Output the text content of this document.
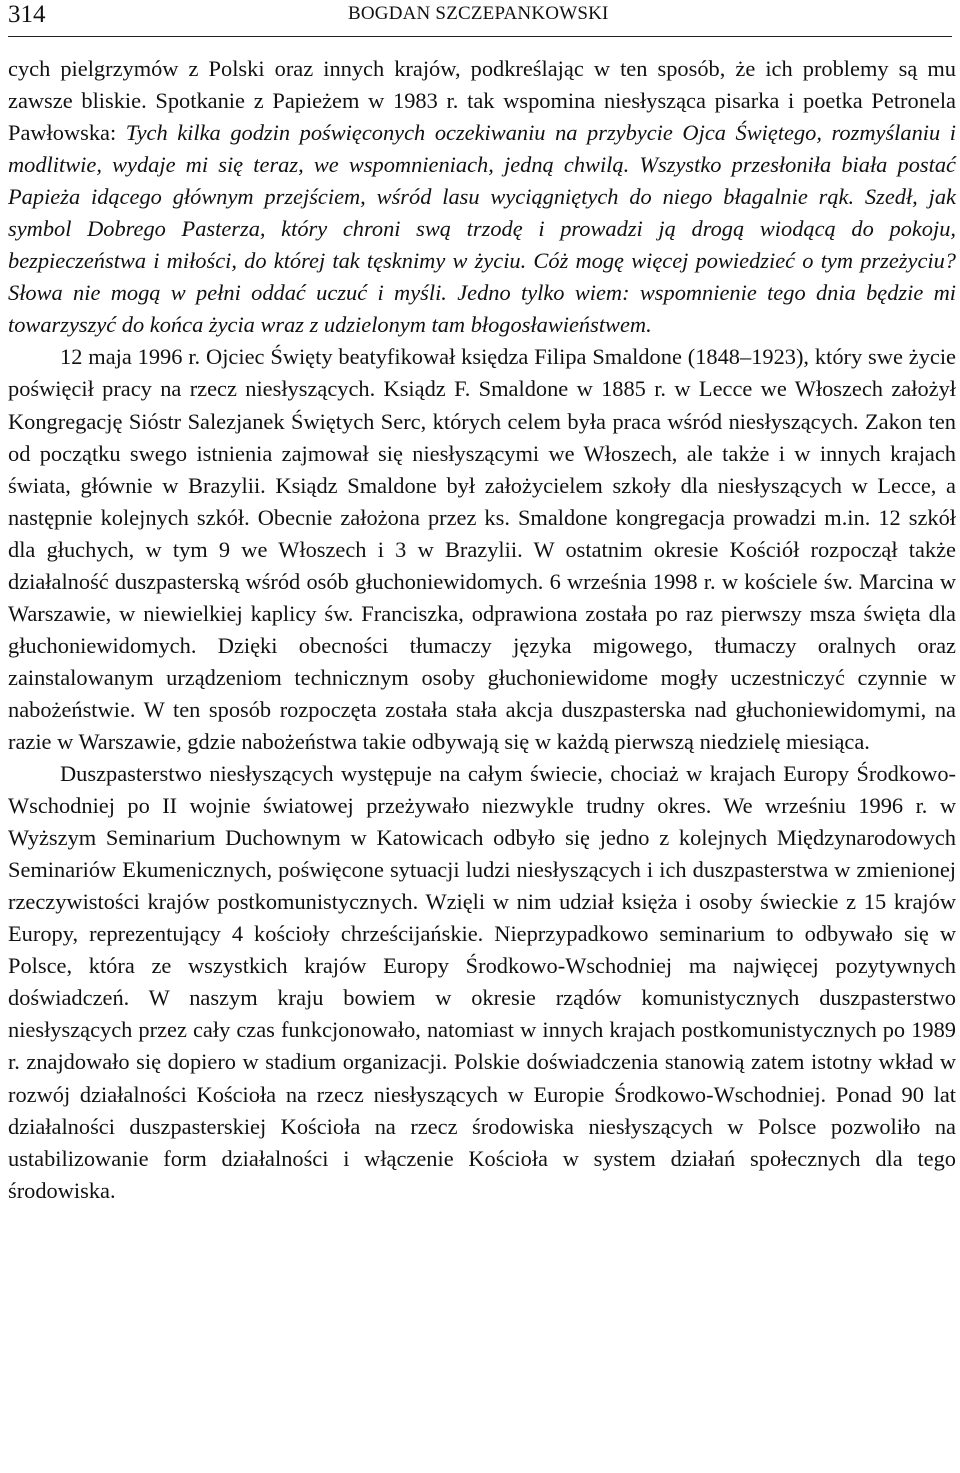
314	BOGDAN SZCZEPANKOWSKI

cych pielgrzymów z Polski oraz innych krajów, podkreślając w ten sposób, że ich problemy są mu zawsze bliskie. Spotkanie z Papieżem w 1983 r. tak wspomina niesłysząca pisarka i poetka Petronela Pawłowska: Tych kilka godzin poświęconych oczekiwaniu na przybycie Ojca Świętego, rozmyślaniu i modlitwie, wydaje mi się teraz, we wspomnieniach, jedną chwilą. Wszystko przesłoniła biała postać Papieża idącego głównym przejściem, wśród lasu wyciągniętych do niego błagalnie rąk. Szedł, jak symbol Dobrego Pasterza, który chroni swą trzodę i prowadzi ją drogą wiodącą do pokoju, bezpieczeństwa i miłości, do której tak tęsknimy w życiu. Cóż mogę więcej powiedzieć o tym przeżyciu? Słowa nie mogą w pełni oddać uczuć i myśli. Jedno tylko wiem: wspomnienie tego dnia będzie mi towarzyszyć do końca życia wraz z udzielonym tam błogosławieństwem.

12 maja 1996 r. Ojciec Święty beatyfikował księdza Filipa Smaldone (1848–1923), który swe życie poświęcił pracy na rzecz niesłyszących. Ksiądz F. Smaldone w 1885 r. w Lecce we Włoszech założył Kongregację Sióstr Salezjanek Świętych Serc, których celem była praca wśród niesłyszących. Zakon ten od początku swego istnienia zajmował się niesłyszącymi we Włoszech, ale także i w innych krajach świata, głównie w Brazylii. Ksiądz Smaldone był założycielem szkoły dla niesłyszących w Lecce, a następnie kolejnych szkół. Obecnie założona przez ks. Smaldone kongregacja prowadzi m.in. 12 szkół dla głuchych, w tym 9 we Włoszech i 3 w Brazylii. W ostatnim okresie Kościół rozpoczął także działalność duszpasterską wśród osób głuchoniewidomych. 6 września 1998 r. w kościele św. Marcina w Warszawie, w niewielkiej kaplicy św. Franciszka, odprawiona została po raz pierwszy msza święta dla głuchoniewidomych. Dzięki obecności tłumaczy języka migowego, tłumaczy oralnych oraz zainstalowanym urządzeniom technicznym osoby głuchoniewidome mogły uczestniczyć czynnie w nabożeństwie. W ten sposób rozpoczęta została stała akcja duszpasterska nad głuchoniewidomymi, na razie w Warszawie, gdzie nabożeństwa takie odbywają się w każdą pierwszą niedzielę miesiąca.

Duszpasterstwo niesłyszących występuje na całym świecie, chociaż w krajach Europy Środkowo-Wschodniej po II wojnie światowej przeżywało niezwykle trudny okres. We wrześniu 1996 r. w Wyższym Seminarium Duchownym w Katowicach odbyło się jedno z kolejnych Międzynarodowych Seminariów Ekumenicznych, poświęcone sytuacji ludzi niesłyszących i ich duszpasterstwa w zmienionej rzeczywistości krajów postkomunistycznych. Wzięli w nim udział księża i osoby świeckie z 15 krajów Europy, reprezentujący 4 kościoły chrześcijańskie. Nieprzypadkowo seminarium to odbywało się w Polsce, która ze wszystkich krajów Europy Środkowo-Wschodniej ma najwięcej pozytywnych doświadczeń. W naszym kraju bowiem w okresie rządów komunistycznych duszpasterstwo niesłyszących przez cały czas funkcjonowało, natomiast w innych krajach postkomunistycznych po 1989 r. znajdowało się dopiero w stadium organizacji. Polskie doświadczenia stanowią zatem istotny wkład w rozwój działalności Kościoła na rzecz niesłyszących w Europie Środkowo-Wschodniej. Ponad 90 lat działalności duszpasterskiej Kościoła na rzecz środowiska niesłyszących w Polsce pozwoliło na ustabilizowanie form działalności i włączenie Kościoła w system działań społecznych dla tego środowiska.
